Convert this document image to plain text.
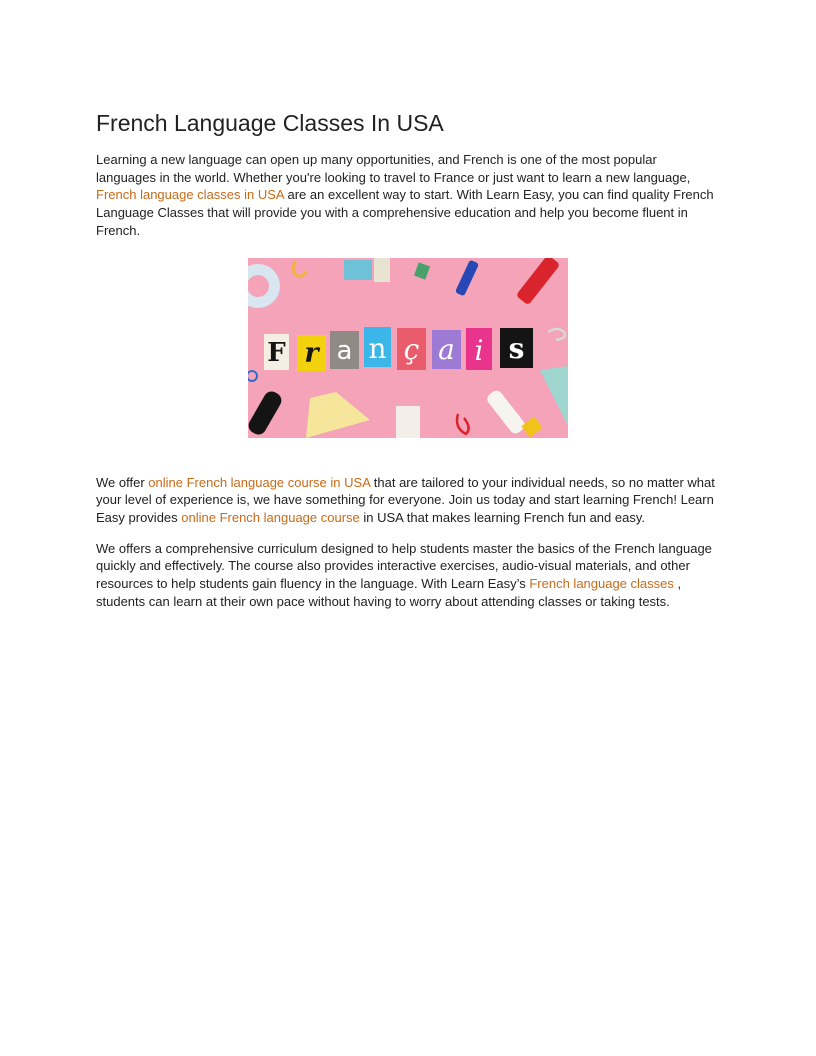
French Language Classes In USA

Learning a new language can open up many opportunities, and French is one of the most popular languages in the world. Whether you're looking to travel to France or just want to learn a new language, French language classes in USA are an excellent way to start. With Learn Easy, you can find quality French Language Classes that will provide you with a comprehensive education and help you become fluent in French.

F r a n ç a i s

We offer online French language course in USA that are tailored to your individual needs, so no matter what your level of experience is, we have something for everyone. Join us today and start learning French! Learn Easy provides online French language course in USA that makes learning French fun and easy.

We offers a comprehensive curriculum designed to help students master the basics of the French language quickly and effectively. The course also provides interactive exercises, audio-visual materials, and other resources to help students gain fluency in the language. With Learn Easy’s French language classes , students can learn at their own pace without having to worry about attending classes or taking tests.
